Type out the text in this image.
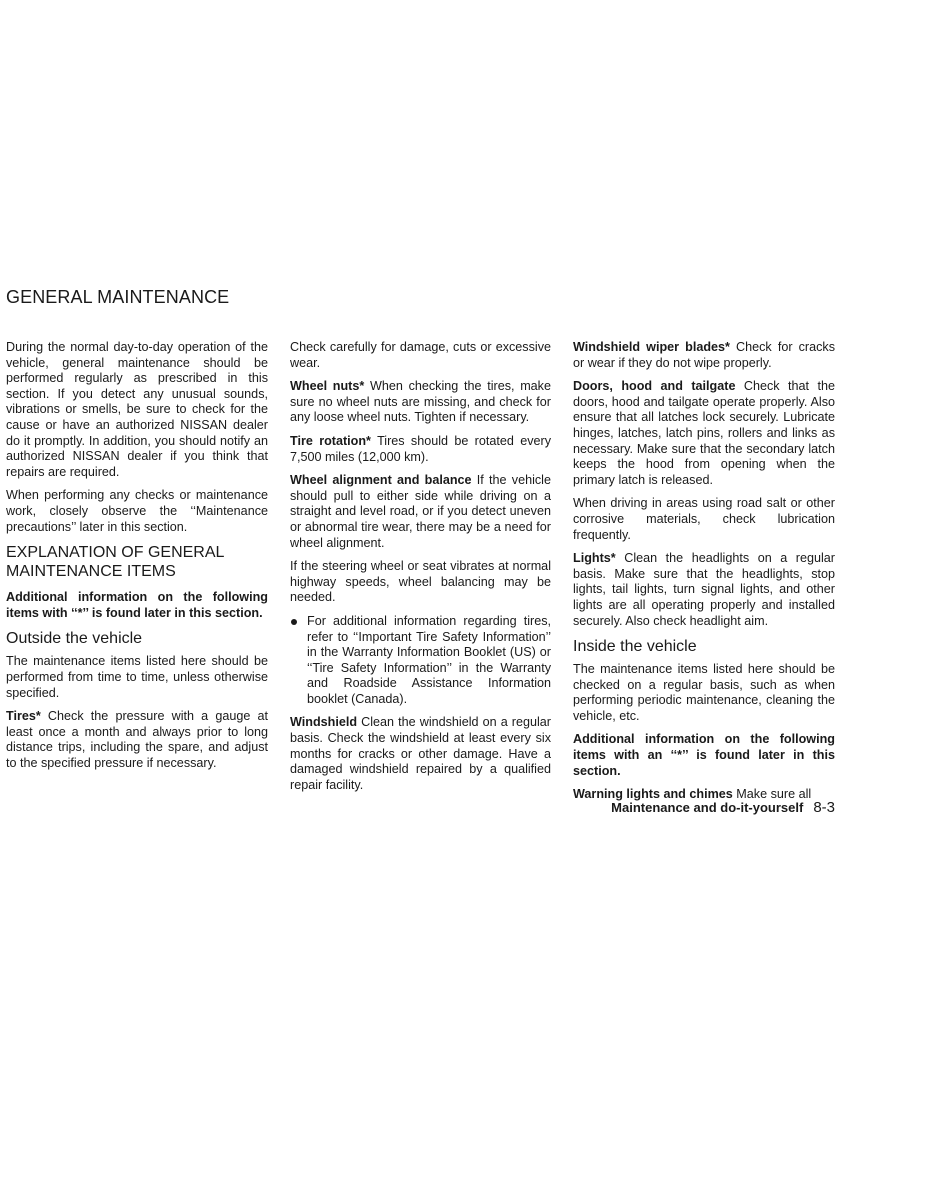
GENERAL MAINTENANCE

During the normal day-to-day operation of the vehicle, general maintenance should be performed regularly as prescribed in this section. If you detect any unusual sounds, vibrations or smells, be sure to check for the cause or have an authorized NISSAN dealer do it promptly. In addition, you should notify an authorized NISSAN dealer if you think that repairs are required.

When performing any checks or maintenance work, closely observe the ‘‘Maintenance precautions’’ later in this section.

EXPLANATION OF GENERAL MAINTENANCE ITEMS

Additional information on the following items with ‘‘*’’ is found later in this section.

Outside the vehicle

The maintenance items listed here should be performed from time to time, unless otherwise specified.

Tires* Check the pressure with a gauge at least once a month and always prior to long distance trips, including the spare, and adjust to the specified pressure if necessary.

Check carefully for damage, cuts or excessive wear.

Wheel nuts* When checking the tires, make sure no wheel nuts are missing, and check for any loose wheel nuts. Tighten if necessary.

Tire rotation* Tires should be rotated every 7,500 miles (12,000 km).

Wheel alignment and balance If the vehicle should pull to either side while driving on a straight and level road, or if you detect uneven or abnormal tire wear, there may be a need for wheel alignment.

If the steering wheel or seat vibrates at normal highway speeds, wheel balancing may be needed.

For additional information regarding tires, refer to ‘‘Important Tire Safety Information’’ in the Warranty Information Booklet (US) or ‘‘Tire Safety Information’’ in the Warranty and Roadside Assistance Information booklet (Canada).

Windshield Clean the windshield on a regular basis. Check the windshield at least every six months for cracks or other damage. Have a damaged windshield repaired by a qualified repair facility.

Windshield wiper blades* Check for cracks or wear if they do not wipe properly.

Doors, hood and tailgate Check that the doors, hood and tailgate operate properly. Also ensure that all latches lock securely. Lubricate hinges, latches, latch pins, rollers and links as necessary. Make sure that the secondary latch keeps the hood from opening when the primary latch is released.

When driving in areas using road salt or other corrosive materials, check lubrication frequently.

Lights* Clean the headlights on a regular basis. Make sure that the headlights, stop lights, tail lights, turn signal lights, and other lights are all operating properly and installed securely. Also check headlight aim.

Inside the vehicle

The maintenance items listed here should be checked on a regular basis, such as when performing periodic maintenance, cleaning the vehicle, etc.

Additional information on the following items with an ‘‘*’’ is found later in this section.

Warning lights and chimes Make sure all

Maintenance and do-it-yourself 8-3
